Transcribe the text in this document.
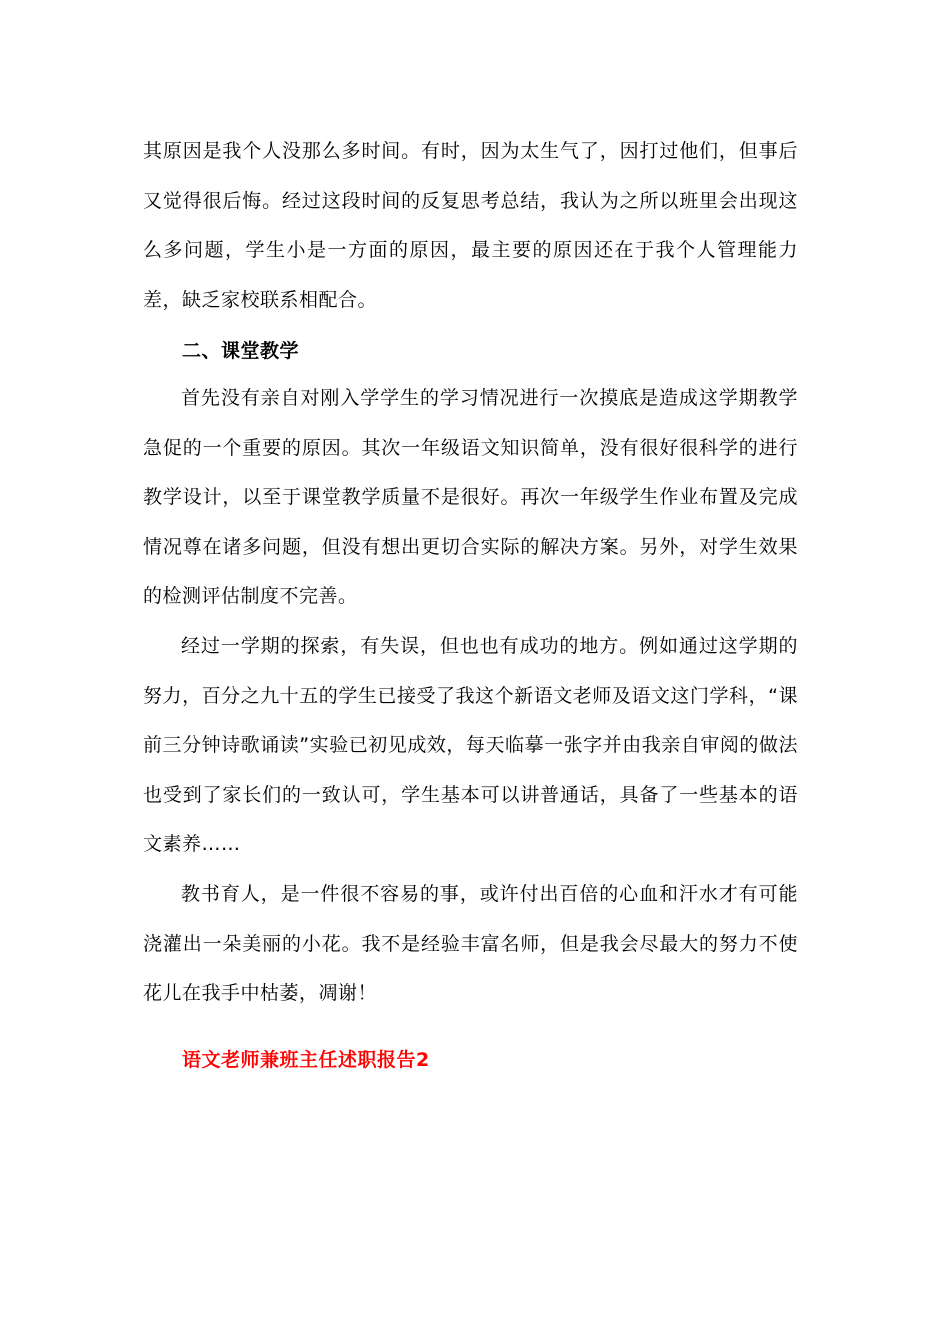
其原因是我个人没那么多时间。有时，因为太生气了，因打过他们，但事后又觉得很后悔。经过这段时间的反复思考总结，我认为之所以班里会出现这么多问题，学生小是一方面的原因，最主要的原因还在于我个人管理能力差，缺乏家校联系相配合。

二、课堂教学

首先没有亲自对刚入学学生的学习情况进行一次摸底是造成这学期教学急促的一个重要的原因。其次一年级语文知识简单，没有很好很科学的进行教学设计，以至于课堂教学质量不是很好。再次一年级学生作业布置及完成情况尊在诸多问题，但没有想出更切合实际的解决方案。另外，对学生效果的检测评估制度不完善。

经过一学期的探索，有失误，但也也有成功的地方。例如通过这学期的努力，百分之九十五的学生已接受了我这个新语文老师及语文这门学科，“课前三分钟诗歌诵读”实验已初见成效，每天临摹一张字并由我亲自审阅的做法也受到了家长们的一致认可，学生基本可以讲普通话，具备了一些基本的语文素养……

教书育人，是一件很不容易的事，或许付出百倍的心血和汗水才有可能浇灌出一朵美丽的小花。我不是经验丰富名师，但是我会尽最大的努力不使花儿在我手中枯萎，凋谢！

语文老师兼班主任述职报告2
